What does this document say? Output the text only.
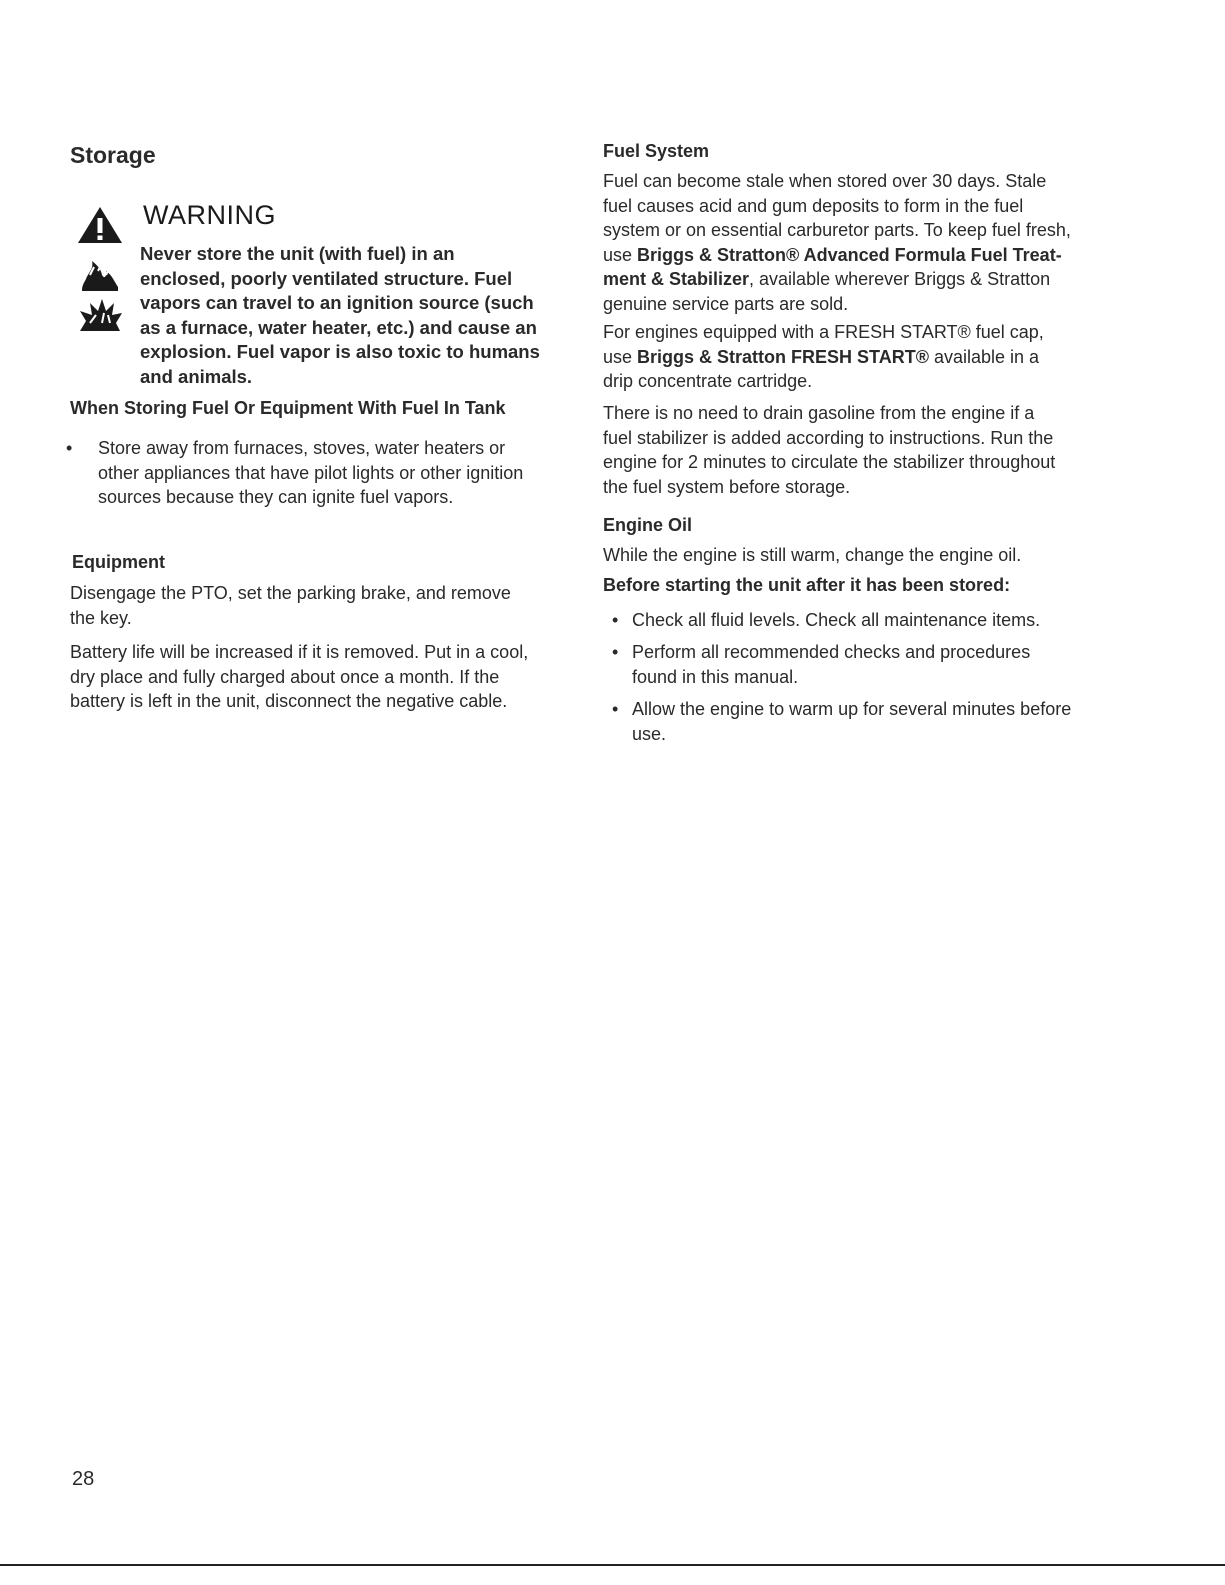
Storage
WARNING
Never store the unit (with fuel) in an
enclosed, poorly ventilated structure. Fuel
vapors can travel to an ignition source (such
as a furnace, water heater, etc.) and cause an
explosion. Fuel vapor is also toxic to humans
and animals.
When Storing Fuel Or Equipment With Fuel In Tank
• Store away from furnaces, stoves, water heaters or
other appliances that have pilot lights or other ignition
sources because they can ignite fuel vapors.
Equipment
Disengage the PTO, set the parking brake, and remove
the key.
Battery life will be increased if it is removed. Put in a cool,
dry place and fully charged about once a month. If the
battery is left in the unit, disconnect the negative cable.
Fuel System
Fuel can become stale when stored over 30 days. Stale
fuel causes acid and gum deposits to form in the fuel
system or on essential carburetor parts. To keep fuel fresh,
use Briggs & Stratton® Advanced Formula Fuel Treat-
ment & Stabilizer, available wherever Briggs & Stratton
genuine service parts are sold.
For engines equipped with a FRESH START® fuel cap,
use Briggs & Stratton FRESH START® available in a
drip concentrate cartridge.
There is no need to drain gasoline from the engine if a
fuel stabilizer is added according to instructions. Run the
engine for 2 minutes to circulate the stabilizer throughout
the fuel system before storage.
Engine Oil
While the engine is still warm, change the engine oil.
Before starting the unit after it has been stored:
• Check all fluid levels. Check all maintenance items.
• Perform all recommended checks and procedures
found in this manual.
• Allow the engine to warm up for several minutes before
use.
28
